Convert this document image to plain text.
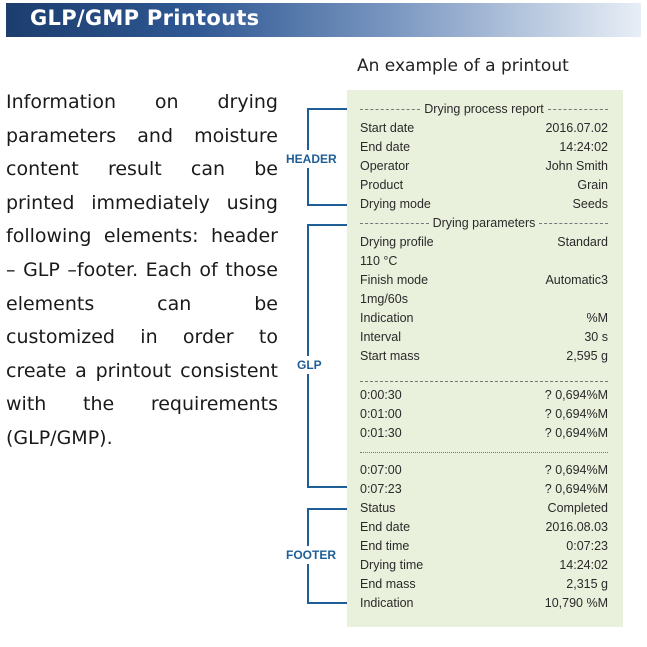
GLP/GMP Printouts
An example of a printout
Information on drying parameters and moisture content result can be printed immediately using following elements: header – GLP –footer. Each of those elements can be customized in order to create a printout consistent with the requirements (GLP/GMP).
HEADER
GLP
FOOTER
Drying process report
Start date	2016.07.02
End date	14:24:02
Operator	John Smith
Product	Grain
Drying mode	Seeds
Drying parameters
Drying profile	Standard
110 °C
Finish mode	Automatic3
1mg/60s
Indication	%M
Interval	30 s
Start mass	2,595 g
0:00:30	? 0,694%M
0:01:00	? 0,694%M
0:01:30	? 0,694%M
0:07:00	? 0,694%M
0:07:23	? 0,694%M
Status	Completed
End date	2016.08.03
End time	0:07:23
Drying time	14:24:02
End mass	2,315 g
Indication	10,790 %M
